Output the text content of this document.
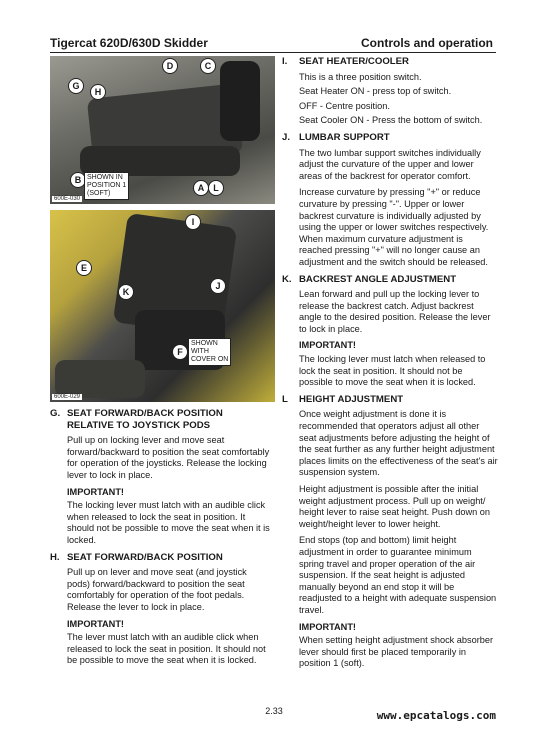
Tigercat 620D/630D Skidder	Controls and operation
D	C
G
H
B
A	L
SHOWN IN
POSITION 1
(SOFT)
600E-030
I
E
J
K
F
SHOWN
WITH
COVER ON
600E-029
G. SEAT FORWARD/BACK POSITION RELATIVE TO JOYSTICK PODS
Pull up on locking lever and move seat forward/backward to position the seat comfortably for operation of the joysticks. Release the locking lever to lock in place.
IMPORTANT!
The locking lever must latch with an audible click when released to lock the seat in position. It should not be possible to move the seat when it is locked.
H. SEAT FORWARD/BACK POSITION
Pull up on lever and move seat (and joystick pods) forward/backward to position the seat comfortably for operation of the foot pedals. Release the lever to lock in place.
IMPORTANT!
The lever must latch with an audible click when released to lock the seat in position. It should not be possible to move the seat when it is locked.
I.	SEAT HEATER/COOLER
This is a three position switch.
Seat Heater ON - press top of switch.
OFF - Centre position.
Seat Cooler ON - Press the bottom of switch.
J. LUMBAR SUPPORT
The two lumbar support switches individually adjust the curvature of the upper and lower areas of the backrest for operator comfort.
Increase curvature by pressing "+" or reduce curvature by pressing "-". Upper or lower backrest curvature is individually adjusted by using the upper or lower switches respectively. When maximum curvature adjustment is reached pressing "+" will no longer cause an adjustment and the switch should be released.
K. BACKREST ANGLE ADJUSTMENT
Lean forward and pull up the locking lever to release the backrest catch. Adjust backrest angle to the desired position. Release the lever to lock in place.
IMPORTANT!
The locking lever must latch when released to lock the seat in position. It should not be possible to move the seat when it is locked.
L	HEIGHT ADJUSTMENT
Once weight adjustment is done it is recommended that operators adjust all other seat adjustments before adjusting the height of the seat further as any further height adjustment places limits on the effectiveness of the seat's air suspension system.
Height adjustment is possible after the initial weight adjustment process. Pull up on weight/ height lever to raise seat height. Push down on weight/height lever to lower height.
End stops (top and bottom) limit height adjustment in order to guarantee minimum spring travel and proper operation of the air suspension. If the seat height is adjusted manually beyond an end stop it will be readjusted to a height with adequate suspension travel.
IMPORTANT!
When setting height adjustment shock absorber lever should first be placed temporarily in position 1 (soft).
2.33	www.epcatalogs.com
